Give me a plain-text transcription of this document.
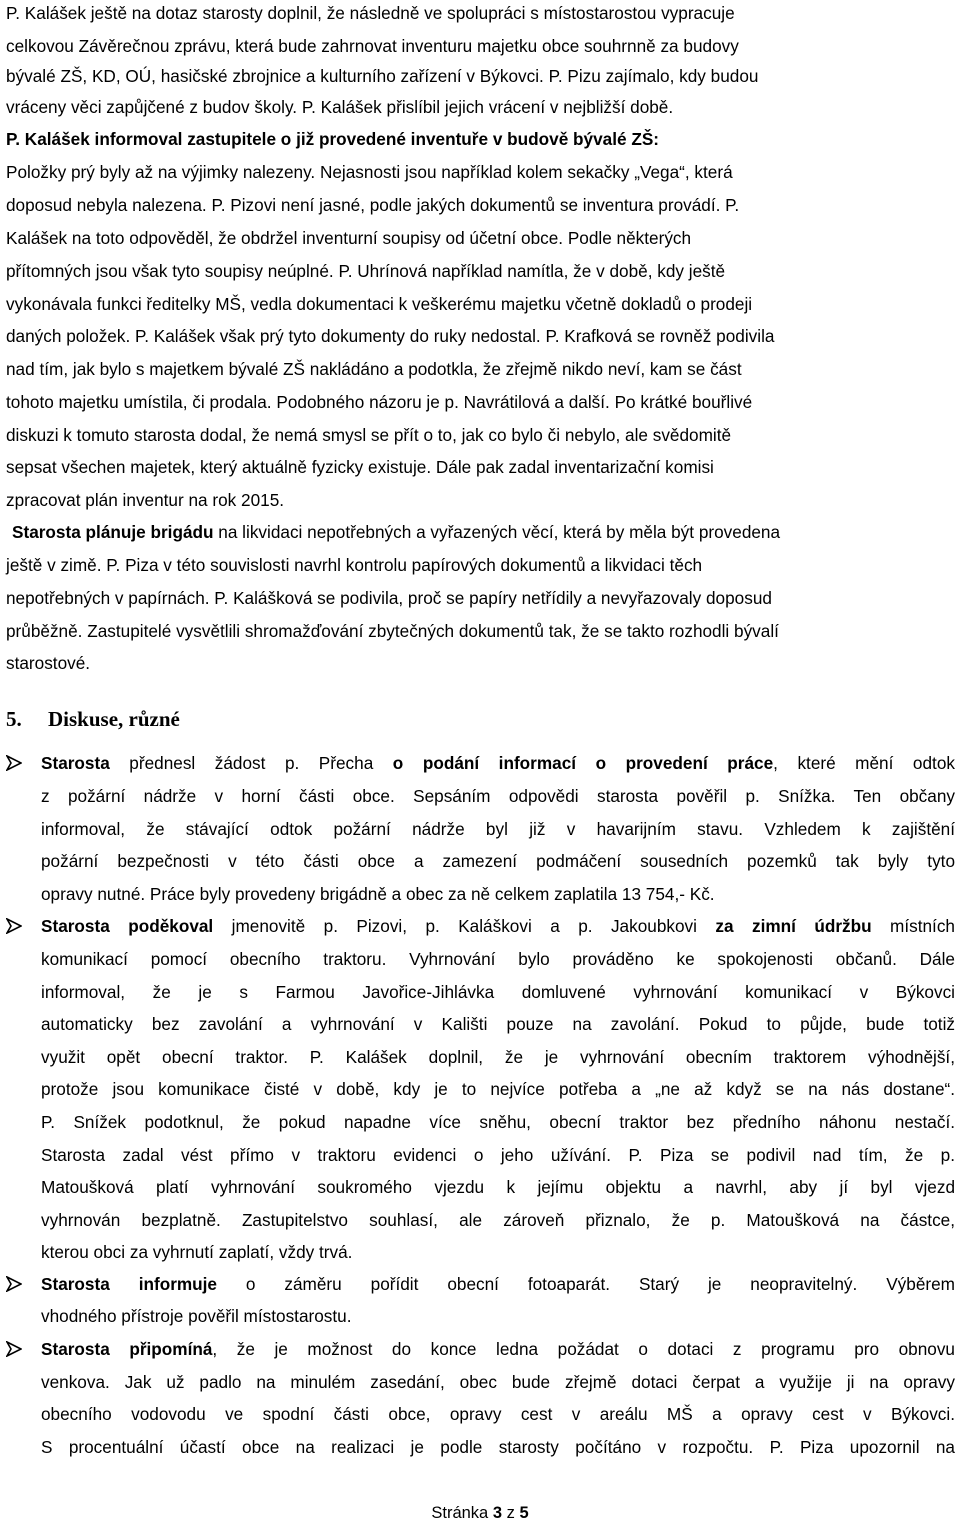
P. Kalášek ještě na dotaz starosty doplnil, že následně ve spolupráci s místostarostou vypracuje
celkovou Závěrečnou zprávu, která bude zahrnovat inventuru majetku obce souhrnně za budovy
bývalé ZŠ, KD, OÚ, hasičské zbrojnice a kulturního zařízení v Býkovci. P. Pizu zajímalo, kdy budou
vráceny věci zapůjčené z budov školy. P. Kalášek přislíbil jejich vrácení v nejbližší době.
P. Kalášek informoval zastupitele o již provedené inventuře v budově bývalé ZŠ:
Položky prý byly až na výjimky nalezeny. Nejasnosti jsou například kolem sekačky „Vega“, která
doposud nebyla nalezena. P. Pizovi není jasné, podle jakých dokumentů se inventura provádí. P.
Kalášek na toto odpověděl, že obdržel inventurní soupisy od účetní obce. Podle některých
přítomných jsou však tyto soupisy neúplné. P. Uhrínová například namítla, že v době, kdy ještě
vykonávala funkci ředitelky MŠ, vedla dokumentaci k veškerému majetku včetně dokladů o prodeji
daných položek. P. Kalášek však prý tyto dokumenty do ruky nedostal. P. Krafková se rovněž podivila
nad tím, jak bylo s majetkem bývalé ZŠ nakládáno a podotkla, že zřejmě nikdo neví, kam se část
tohoto majetku umístila, či prodala. Podobného názoru je p. Navrátilová a další. Po krátké bouřlivé
diskuzi k tomuto starosta dodal, že nemá smysl se přít o to, jak co bylo či nebylo, ale svědomitě
sepsat všechen majetek, který aktuálně fyzicky existuje. Dále pak zadal inventarizační komisi
zpracovat plán inventur na rok 2015.
Starosta plánuje brigádu na likvidaci nepotřebných a vyřazených věcí, která by měla být provedena
ještě v zimě. P. Piza v této souvislosti navrhl kontrolu papírových dokumentů a likvidaci těch
nepotřebných v papírnách. P. Kalášková se podivila, proč se papíry netřídily a nevyřazovaly doposud
průběžně. Zastupitelé vysvětlili shromažďování zbytečných dokumentů tak, že se takto rozhodli bývalí
starostové.
5. Diskuse, různé
Starosta přednesl žádost p. Přecha o podání informací o provedení práce, které mění odtok
z požární nádrže v horní části obce. Sepsáním odpovědi starosta pověřil p. Snížka. Ten občany
informoval, že stávající odtok požární nádrže byl již v havarijním stavu. Vzhledem k zajištění
požární bezpečnosti v této části obce a zamezení podmáčení sousedních pozemků tak byly tyto
opravy nutné. Práce byly provedeny brigádně a obec za ně celkem zaplatila 13 754,- Kč.
Starosta poděkoval jmenovitě p. Pizovi, p. Kaláškovi a p. Jakoubkovi za zimní údržbu místních
komunikací pomocí obecního traktoru. Vyhrnování bylo prováděno ke spokojenosti občanů. Dále
informoval, že je s Farmou Javořice-Jihlávka domluvené vyhrnování komunikací v Býkovci
automaticky bez zavolání a vyhrnování v Kališti pouze na zavolání. Pokud to půjde, bude totiž
využit opět obecní traktor. P. Kalášek doplnil, že je vyhrnování obecním traktorem výhodnější,
protože jsou komunikace čisté v době, kdy je to nejvíce potřeba a „ne až když se na nás dostane“.
P. Snížek podotknul, že pokud napadne více sněhu, obecní traktor bez předního náhonu nestačí.
Starosta zadal vést přímo v traktoru evidenci o jeho užívání. P. Piza se podivil nad tím, že p.
Matoušková platí vyhrnování soukromého vjezdu k jejímu objektu a navrhl, aby jí byl vjezd
vyhrnován bezplatně. Zastupitelstvo souhlasí, ale zároveň přiznalo, že p. Matoušková na částce,
kterou obci za vyhrnutí zaplatí, vždy trvá.
Starosta informuje o záměru pořídit obecní fotoaparát. Starý je neopravitelný. Výběrem
vhodného přístroje pověřil místostarostu.
Starosta připomíná, že je možnost do konce ledna požádat o dotaci z programu pro obnovu
venkova. Jak už padlo na minulém zasedání, obec bude zřejmě dotaci čerpat a využije ji na opravy
obecního vodovodu ve spodní části obce, opravy cest v areálu MŠ a opravy cest v Býkovci.
S procentuální účastí obce na realizaci je podle starosty počítáno v rozpočtu. P. Piza upozornil na
Stránka 3 z 5
